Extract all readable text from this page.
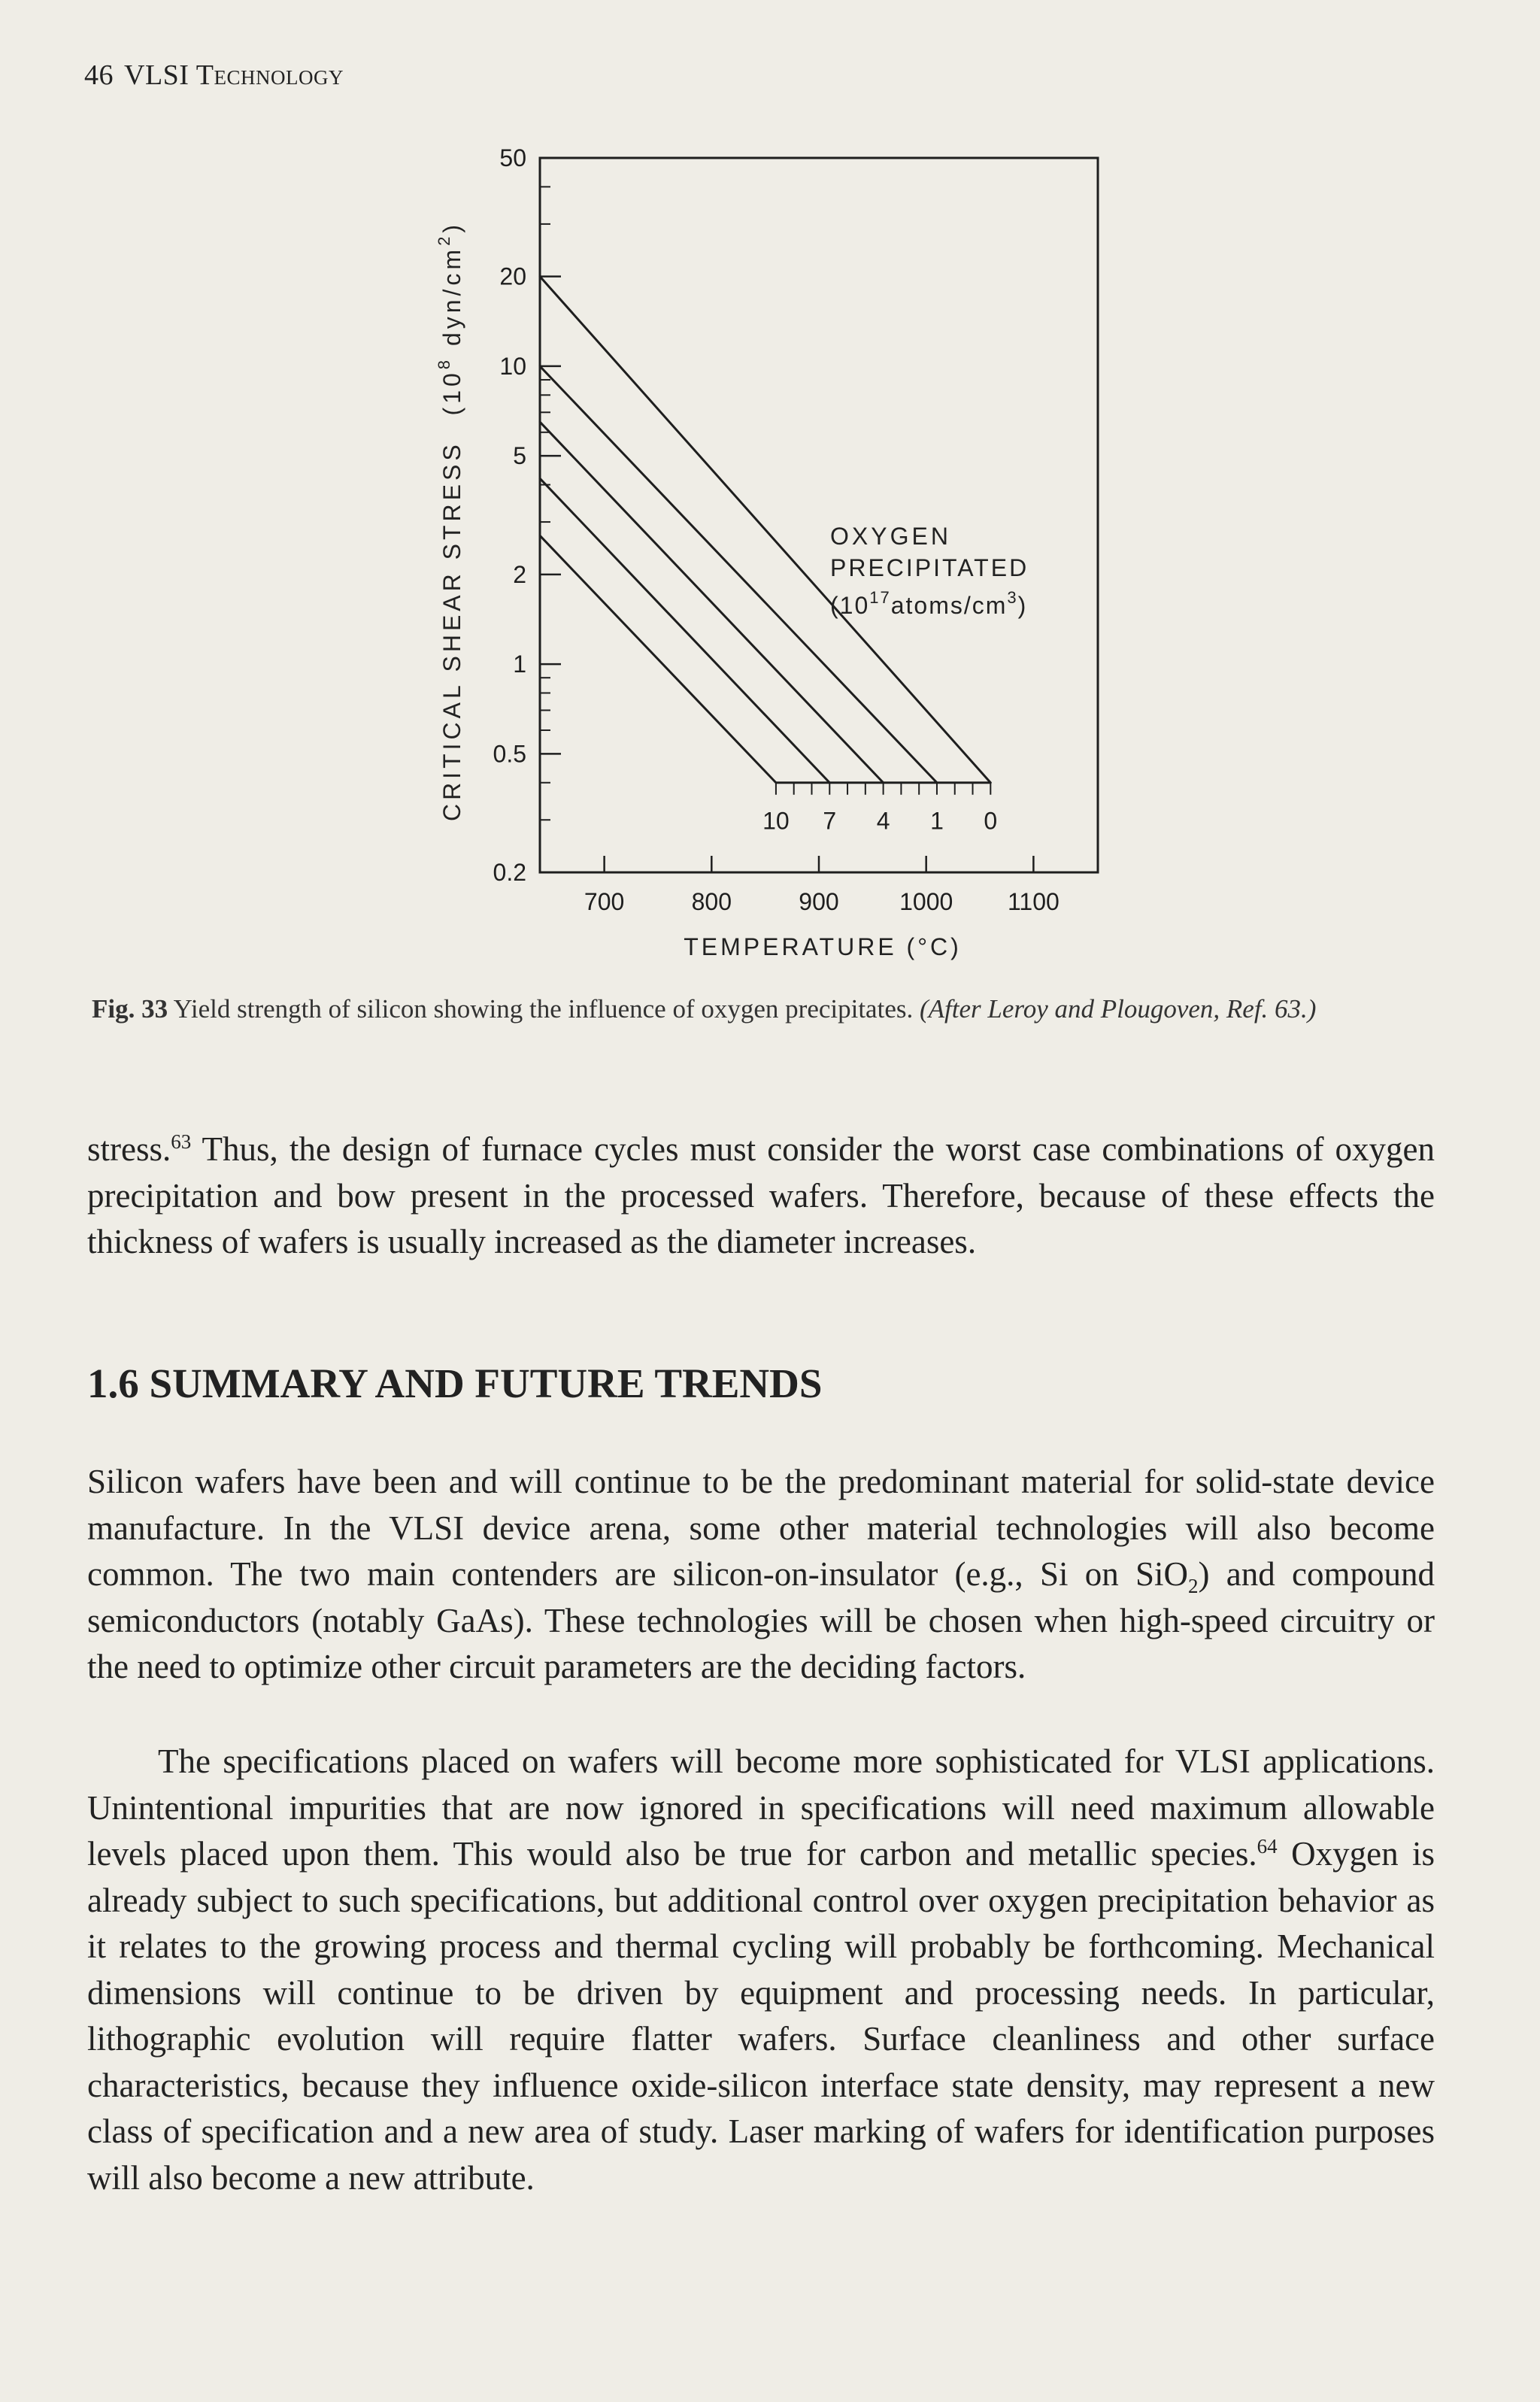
46 VLSI Technology
50
20
10
5
2
1
0.5
0.2
700	800	900	1000 1100
10 7 4 1 0
CRITICAL SHEAR STRESS ($10^8$ dyn/$cm^2$)
TEMPERATURE (°C)
OXYGEN
PRECIPITATED
$(10^{17}atoms/cm^3)$
Fig. 33 Yield strength of silicon showing the influence of oxygen precipitates. (After Leroy and Plougoven, Ref. 63.)

stress.$^{63}$ Thus, the design of furnace cycles must consider the worst case combinations of oxygen precipitation and bow present in the processed wafers. Therefore, because of these effects the thickness of wafers is usually increased as the diameter increases.

1.6 SUMMARY AND FUTURE TRENDS

Silicon wafers have been and will continue to be the predominant material for solid-state device manufacture. In the VLSI device arena, some other material technologies will also become common. The two main contenders are silicon-on-insulator (e.g., Si on SiO$_2$) and compound semiconductors (notably GaAs). These technologies will be chosen when high-speed circuitry or the need to optimize other circuit parameters are the deciding factors.

The specifications placed on wafers will become more sophisticated for VLSI applications. Unintentional impurities that are now ignored in specifications will need maximum allowable levels placed upon them. This would also be true for carbon and metallic species.$^{64}$ Oxygen is already subject to such specifications, but additional control over oxygen precipitation behavior as it relates to the growing process and thermal cycling will probably be forthcoming. Mechanical dimensions will continue to be driven by equipment and processing needs. In particular, lithographic evolution will require flatter wafers. Surface cleanliness and other surface characteristics, because they influence oxide-silicon interface state density, may represent a new class of specification and a new area of study. Laser marking of wafers for identification purposes will also become a new attribute.
